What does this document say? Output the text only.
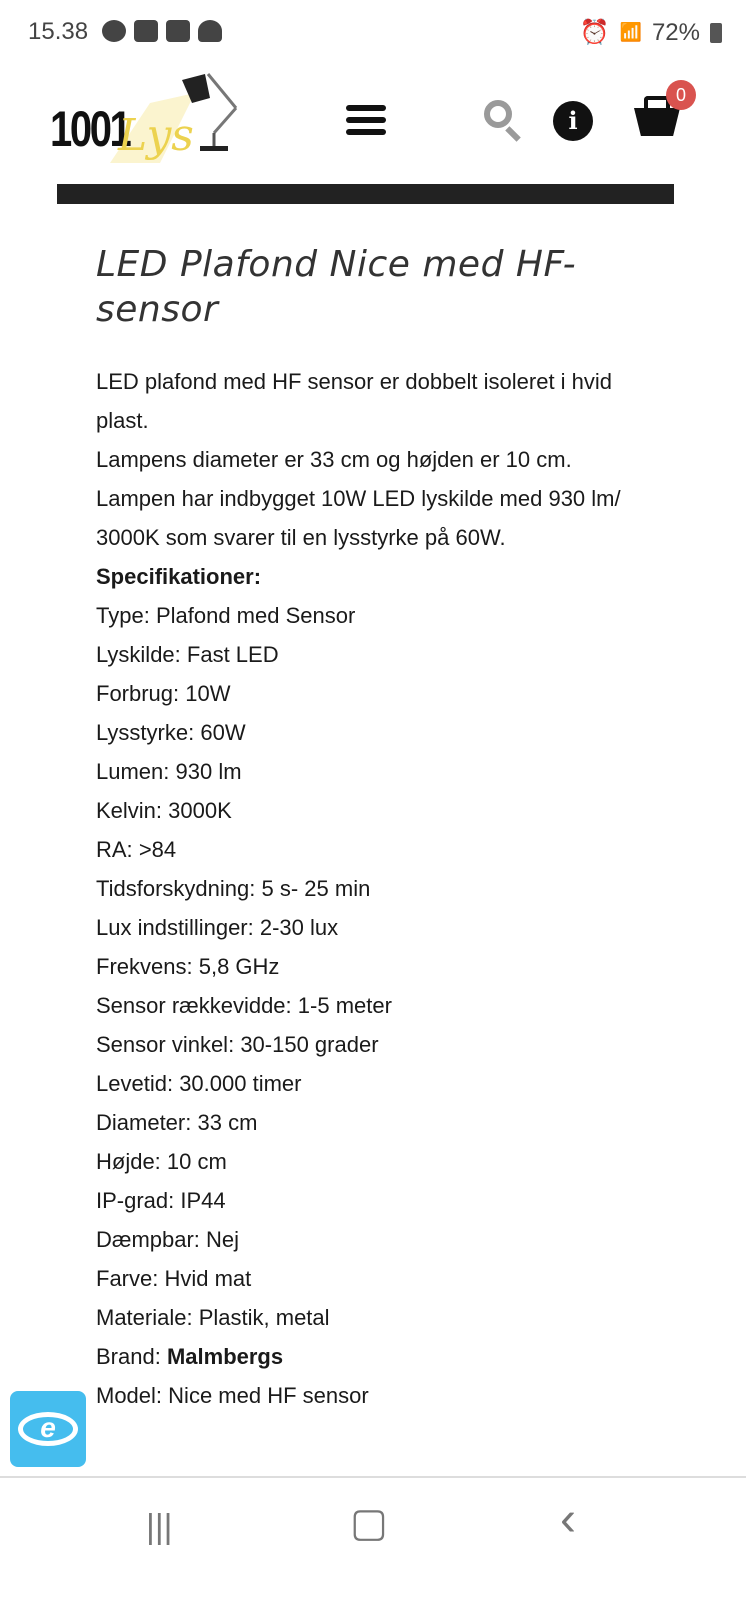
15.38	⏰ 📶 72%
1001
Lys	i
0
LED Plafond Nice med HF-sensor
LED plafond med HF sensor er dobbelt isoleret i hvid plast.
Lampens diameter er 33 cm og højden er 10 cm.
Lampen har indbygget 10W LED lyskilde med 930 lm/ 3000K som svarer til en lysstyrke på 60W.
Specifikationer:
Type: Plafond med Sensor
Lyskilde: Fast LED
Forbrug: 10W
Lysstyrke: 60W
Lumen: 930 lm
Kelvin: 3000K
RA: >84
Tidsforskydning: 5 s- 25 min
Lux indstillinger: 2-30 lux
Frekvens: 5,8 GHz
Sensor rækkevidde: 1-5 meter
Sensor vinkel: 30-150 grader
Levetid: 30.000 timer
Diameter: 33 cm
Højde: 10 cm
IP-grad: IP44
Dæmpbar: Nej
Farve: Hvid mat
Materiale: Plastik, metal
Brand: Malmbergs
Model: Nice med HF sensor
e
|||	▢	‹
